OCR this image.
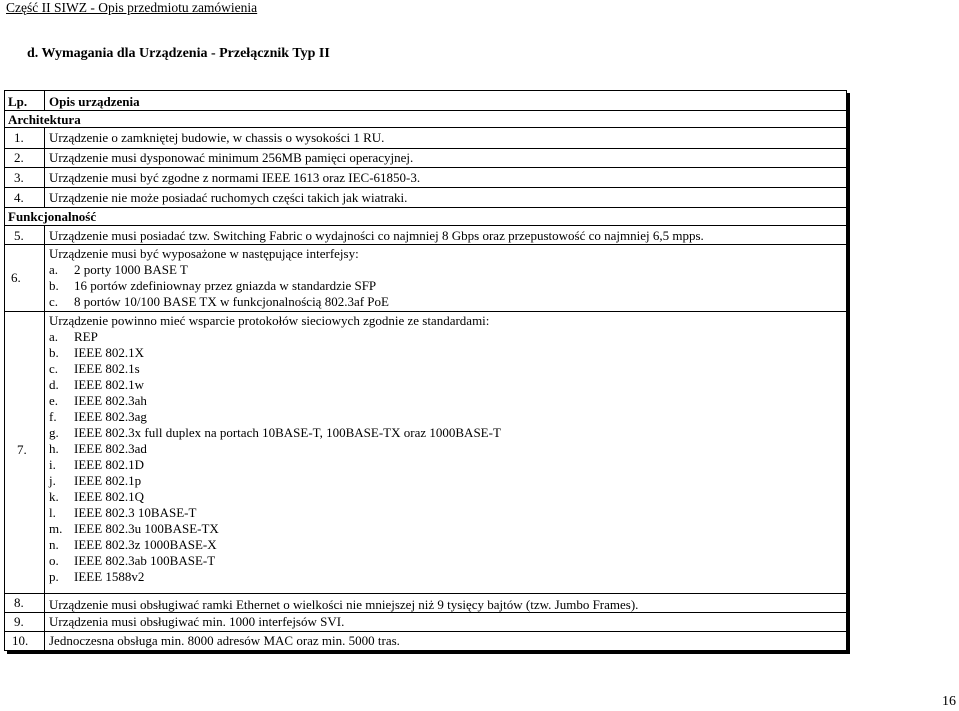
Część II SIWZ - Opis przedmiotu zamówienia
d. Wymagania dla Urządzenia - Przełącznik Typ II
Lp. Opis urządzenia
Architektura
1. Urządzenie o zamkniętej budowie, w chassis o wysokości 1 RU.
2. Urządzenie musi dysponować minimum 256MB pamięci operacyjnej.
3. Urządzenie musi być zgodne z normami IEEE 1613 oraz IEC-61850-3.
4. Urządzenie nie może posiadać ruchomych części takich jak wiatraki.
Funkcjonalność
5. Urządzenie musi posiadać tzw. Switching Fabric o wydajności co najmniej 8 Gbps oraz przepustowość co najmniej 6,5 mpps.
6.
Urządzenie musi być wyposażone w następujące interfejsy:
a. 2 porty 1000 BASE T
b. 16 portów zdefiniownay przez gniazda w standardzie SFP
c. 8 portów 10/100 BASE TX w funkcjonalnością 802.3af PoE
7.
Urządzenie powinno mieć wsparcie protokołów sieciowych zgodnie ze standardami:
a. REP
b. IEEE 802.1X
c. IEEE 802.1s
d. IEEE 802.1w
e. IEEE 802.3ah
f. IEEE 802.3ag
g. IEEE 802.3x full duplex na portach 10BASE-T, 100BASE-TX oraz 1000BASE-T
h. IEEE 802.3ad
i. IEEE 802.1D
j. IEEE 802.1p
k. IEEE 802.1Q
l. IEEE 802.3 10BASE-T
m. IEEE 802.3u 100BASE-TX
n. IEEE 802.3z 1000BASE-X
o. IEEE 802.3ab 100BASE-T
p. IEEE 1588v2
8. Urządzenie musi obsługiwać ramki Ethernet o wielkości nie mniejszej niż 9 tysięcy bajtów (tzw. Jumbo Frames).
9. Urządzenia musi obsługiwać min. 1000 interfejsów SVI.
10. Jednoczesna obsługa min. 8000 adresów MAC oraz min. 5000 tras.
16
